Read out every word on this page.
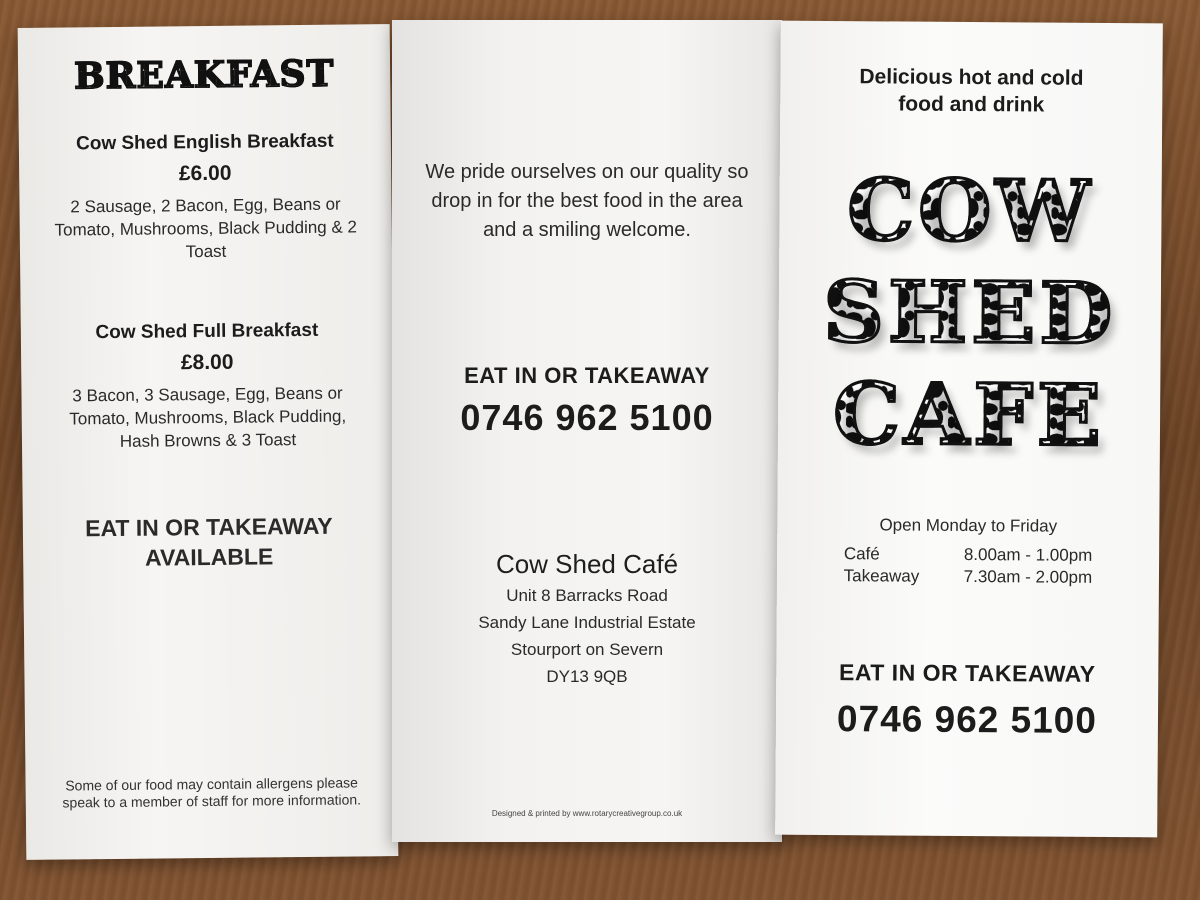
BREAKFAST
Cow Shed English Breakfast
£6.00
2 Sausage, 2 Bacon, Egg, Beans or Tomato, Mushrooms, Black Pudding & 2 Toast
Cow Shed Full Breakfast
£8.00
3 Bacon, 3 Sausage, Egg, Beans or Tomato, Mushrooms, Black Pudding, Hash Browns & 3 Toast
EAT IN OR TAKEAWAY
AVAILABLE
Some of our food may contain allergens please speak to a member of staff for more information.
We pride ourselves on our quality so drop in for the best food in the area and a smiling welcome.
EAT IN OR TAKEAWAY
0746 962 5100
Cow Shed Café
Unit 8 Barracks Road
Sandy Lane Industrial Estate
Stourport on Severn
DY13 9QB
Designed & printed by www.rotarycreativegroup.co.uk
Delicious hot and cold
food and drink
COW
SHED
CAFE
Open Monday to Friday
Café	8.00am - 1.00pm
Takeaway	7.30am - 2.00pm
EAT IN OR TAKEAWAY
0746 962 5100
